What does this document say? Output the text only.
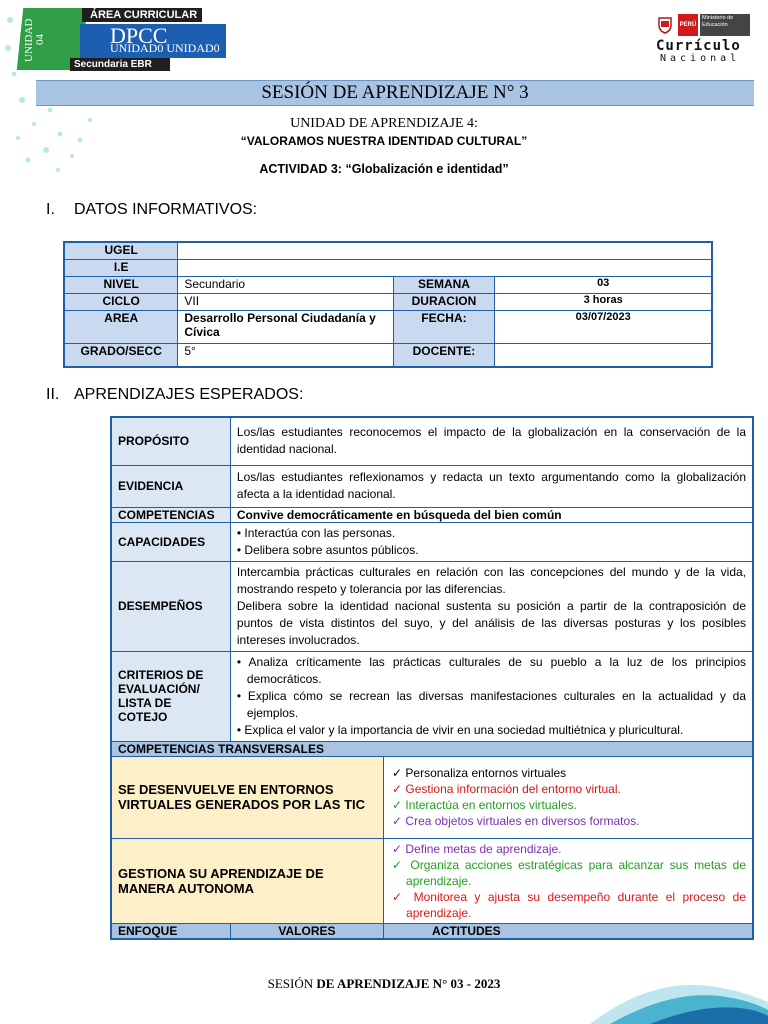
UNIDAD 04
ÁREA CURRICULAR
DPCC
UNIDAD0 UNIDAD0
Secundaria EBR
PERÚ
Ministerio de Educación
Currículo
Nacional
SESIÓN DE APRENDIZAJE N° 3
UNIDAD DE APRENDIZAJE 4:
“VALORAMOS NUESTRA IDENTIDAD CULTURAL”
ACTIVIDAD 3: “Globalización e identidad”
I. DATOS INFORMATIVOS:
UGEL			
I.E			
NIVEL	Secundario	SEMANA	03
CICLO	VII	DURACION	3 horas
AREA	Desarrollo Personal Ciudadanía y Cívica	FECHA:	03/07/2023
GRADO/SECC	5°	DOCENTE:	
II. APRENDIZAJES ESPERADOS:
PROPÓSITO	Los/las estudiantes reconocemos el impacto de la globalización en la conservación de la identidad nacional.	
EVIDENCIA	Los/las estudiantes reflexionamos y redacta un texto argumentando como la globalización afecta a la identidad nacional.	
COMPETENCIAS	Convive democráticamente en búsqueda del bien común	
CAPACIDADES	• Interactúa con las personas.
• Delibera sobre asuntos públicos.	

DESEMPEÑOS	Intercambia prácticas culturales en relación con las concepciones del mundo y de la vida, mostrando respeto y tolerancia por las diferencias.
Delibera sobre la identidad nacional sustenta su posición a partir de la contraposición de puntos de vista distintos del suyo, y del análisis de las diversas posturas y los posibles intereses involucrados.	

CRITERIOS DE EVALUACIÓN/ LISTA DE COTEJO	• Analiza críticamente las prácticas culturales de su pueblo a la luz de los principios democráticos.
• Explica cómo se recrean las diversas manifestaciones culturales en la actualidad y da ejemplos.
• Explica el valor y la importancia de vivir en una sociedad multiétnica y pluricultural.	

COMPETENCIAS TRANSVERSALES		
SE DESENVUELVE EN ENTORNOS VIRTUALES GENERADOS POR LAS TIC		✓ Personaliza entornos virtuales
✓ Gestiona información del entorno virtual.
✓ Interactúa en entornos virtuales.
✓ Crea objetos virtuales en diversos formatos.

GESTIONA SU APRENDIZAJE DE MANERA AUTONOMA		✓ Define metas de aprendizaje.
✓ Organiza acciones estratégicas para alcanzar sus metas de aprendizaje.
✓ Monitorea y ajusta su desempeño durante el proceso de aprendizaje.

ENFOQUE	VALORES	ACTITUDES
SESIÓN DE APRENDIZAJE N° 03 - 2023
